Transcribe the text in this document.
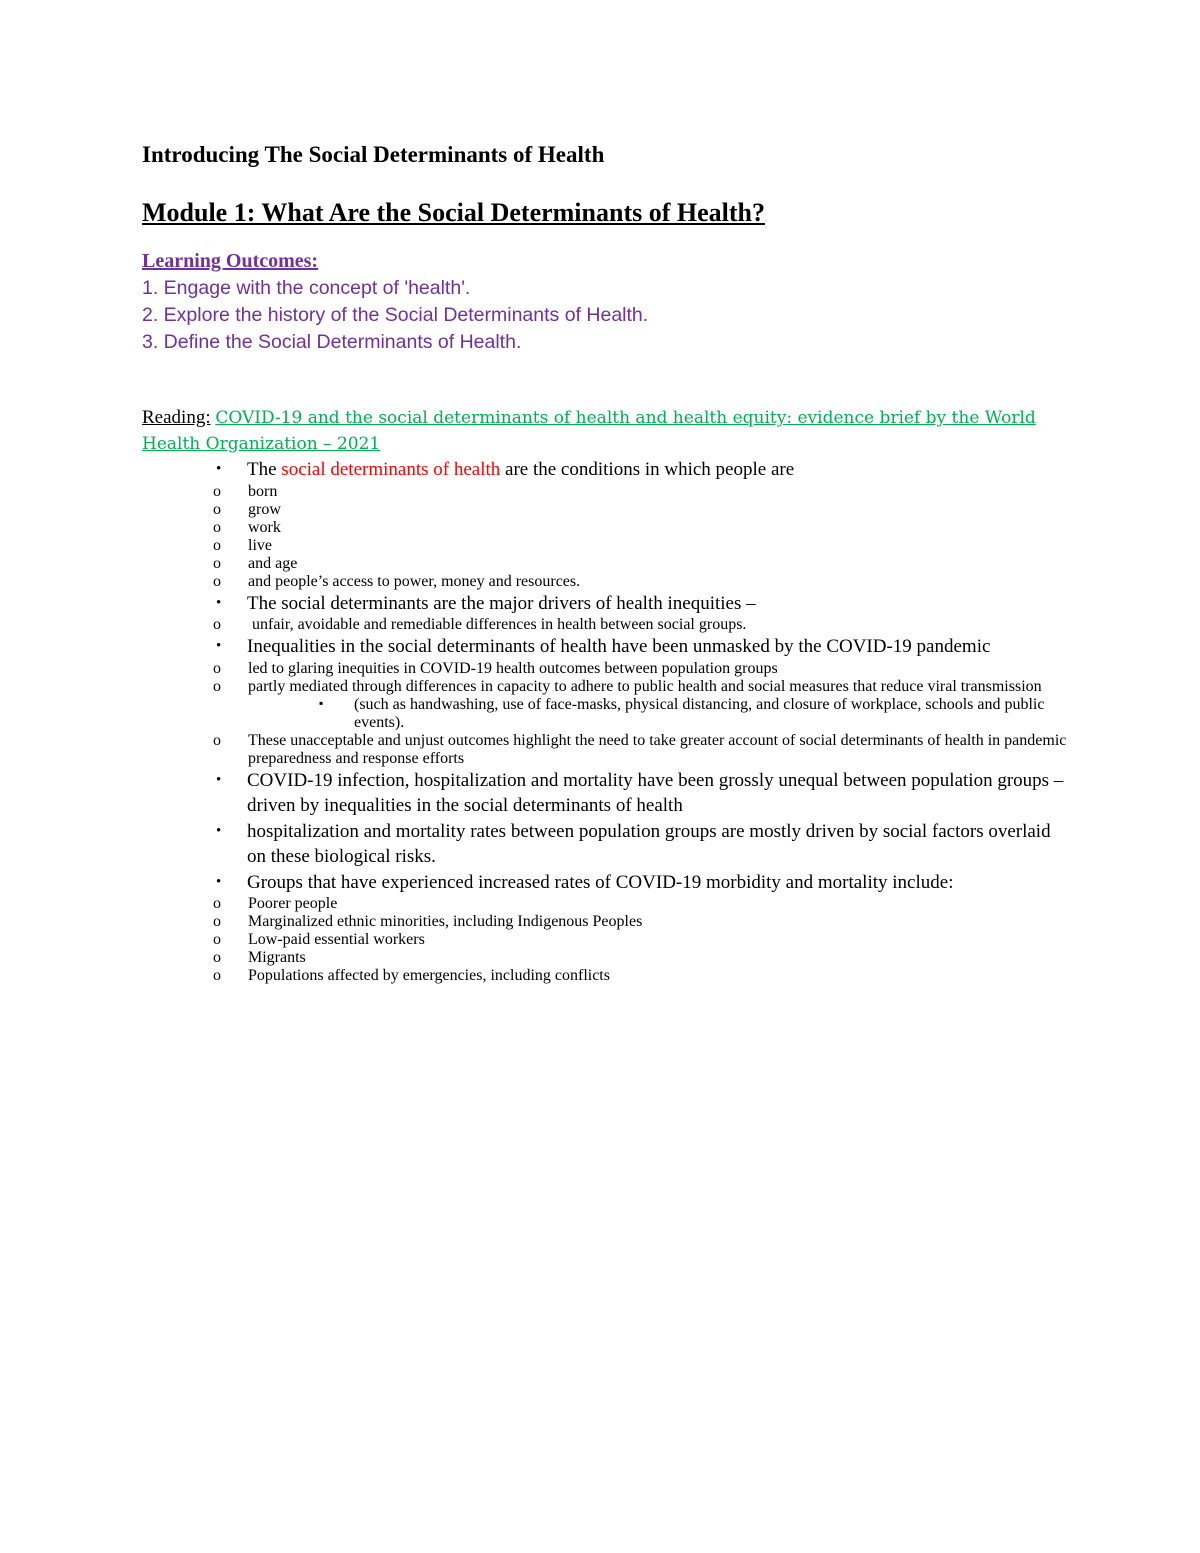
Introducing The Social Determinants of Health
Module 1: What Are the Social Determinants of Health?
Learning Outcomes:
1. Engage with the concept of 'health'.
2. Explore the history of the Social Determinants of Health.
3. Define the Social Determinants of Health.
Reading: COVID-19 and the social determinants of health and health equity: evidence brief by the World Health Organization – 2021
• The social determinants of health are the conditions in which people are
o born
o grow
o work
o live
o and age
o and people’s access to power, money and resources.
• The social determinants are the major drivers of health inequities –
o unfair, avoidable and remediable differences in health between social groups.
• Inequalities in the social determinants of health have been unmasked by the COVID-19 pandemic
o led to glaring inequities in COVID-19 health outcomes between population groups
o partly mediated through differences in capacity to adhere to public health and social measures that reduce viral transmission
▪ (such as handwashing, use of face-masks, physical distancing, and closure of workplace, schools and public events).
o These unacceptable and unjust outcomes highlight the need to take greater account of social determinants of health in pandemic preparedness and response efforts
• COVID-19 infection, hospitalization and mortality have been grossly unequal between population groups – driven by inequalities in the social determinants of health
• hospitalization and mortality rates between population groups are mostly driven by social factors overlaid on these biological risks.
• Groups that have experienced increased rates of COVID-19 morbidity and mortality include:
o Poorer people
o Marginalized ethnic minorities, including Indigenous Peoples
o Low-paid essential workers
o Migrants
o Populations affected by emergencies, including conflicts
